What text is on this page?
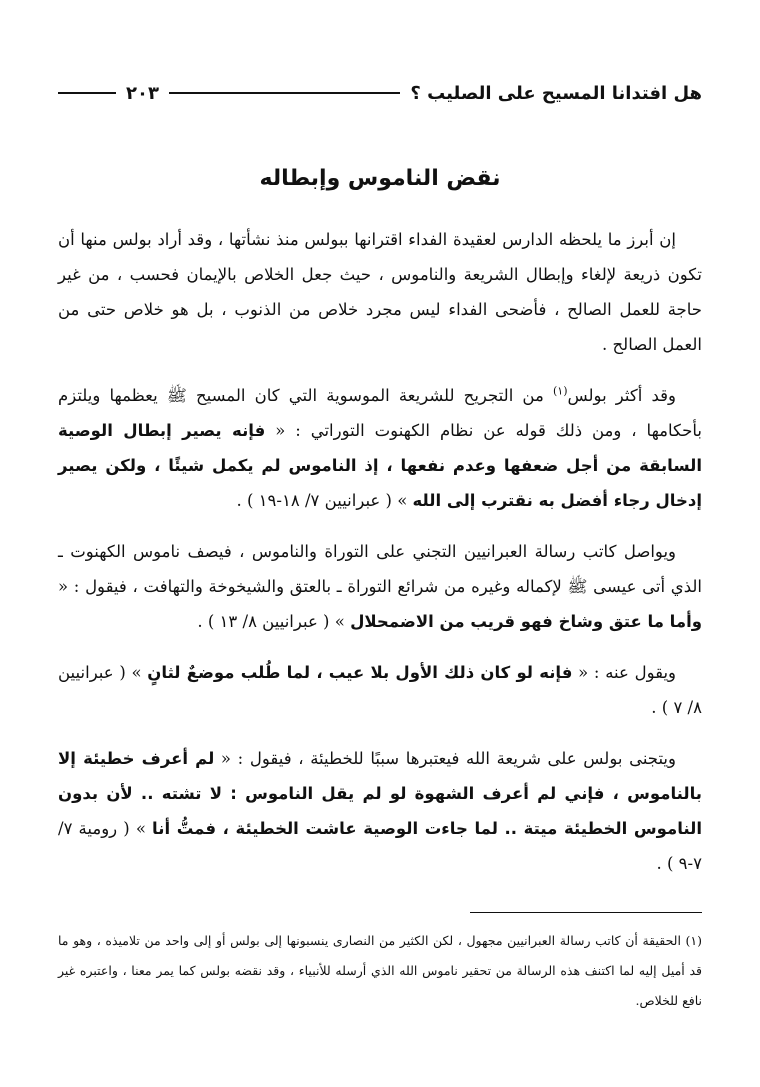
هل افتدانا المسيح على الصليب ؟
٢٠٣
نقض الناموس وإبطاله

إن أبرز ما يلحظه الدارس لعقيدة الفداء اقترانها ببولس منذ نشأتها ، وقد أراد بولس منها أن تكون ذريعة لإلغاء وإبطال الشريعة والناموس ، حيث جعل الخلاص بالإيمان فحسب ، من غير حاجة للعمل الصالح ، فأضحى الفداء ليس مجرد خلاص من الذنوب ، بل هو خلاص حتى من العمل الصالح .

وقد أكثر بولس$^{(١)}$ من التجريح للشريعة الموسوية التي كان المسيح ﷺ يعظمها ويلتزم بأحكامها ، ومن ذلك قوله عن نظام الكهنوت التوراتي : « فإنه يصير إبطال الوصية السابقة من أجل ضعفها وعدم نفعها ، إذ الناموس لم يكمل شيئًا ، ولكن يصير إدخال رجاء أفضل به نقترب إلى الله » ( عبرانيين ٧/ ١٨-١٩ ) .

ويواصل كاتب رسالة العبرانيين التجني على التوراة والناموس ، فيصف ناموس الكهنوت ـ الذي أتى عيسى ﷺ لإكماله وغيره من شرائع التوراة ـ بالعتق والشيخوخة والتهافت ، فيقول : « وأما ما عتق وشاخ فهو قريب من الاضمحلال » ( عبرانيين ٨/ ١٣ ) .

ويقول عنه : « فإنه لو كان ذلك الأول بلا عيب ، لما طُلب موضعٌ لثانٍ » ( عبرانيين ٨/ ٧ ) .

ويتجنى بولس على شريعة الله فيعتبرها سببًا للخطيئة ، فيقول : « لم أعرف خطيئة إلا بالناموس ، فإني لم أعرف الشهوة لو لم يقل الناموس : لا تشته .. لأن بدون الناموس الخطيئة ميتة .. لما جاءت الوصية عاشت الخطيئة ، فمتُّ أنا » ( رومية ٧/ ٧-٩ ) .

(١) الحقيقة أن كاتب رسالة العبرانيين مجهول ، لكن الكثير من النصارى ينسبونها إلى بولس أو إلى واحد من تلاميذه ، وهو ما قد أميل إليه لما اكتنف هذه الرسالة من تحقير ناموس الله الذي أرسله للأنبياء ، وقد نقضه بولس كما يمر معنا ، واعتبره غير نافع للخلاص.
